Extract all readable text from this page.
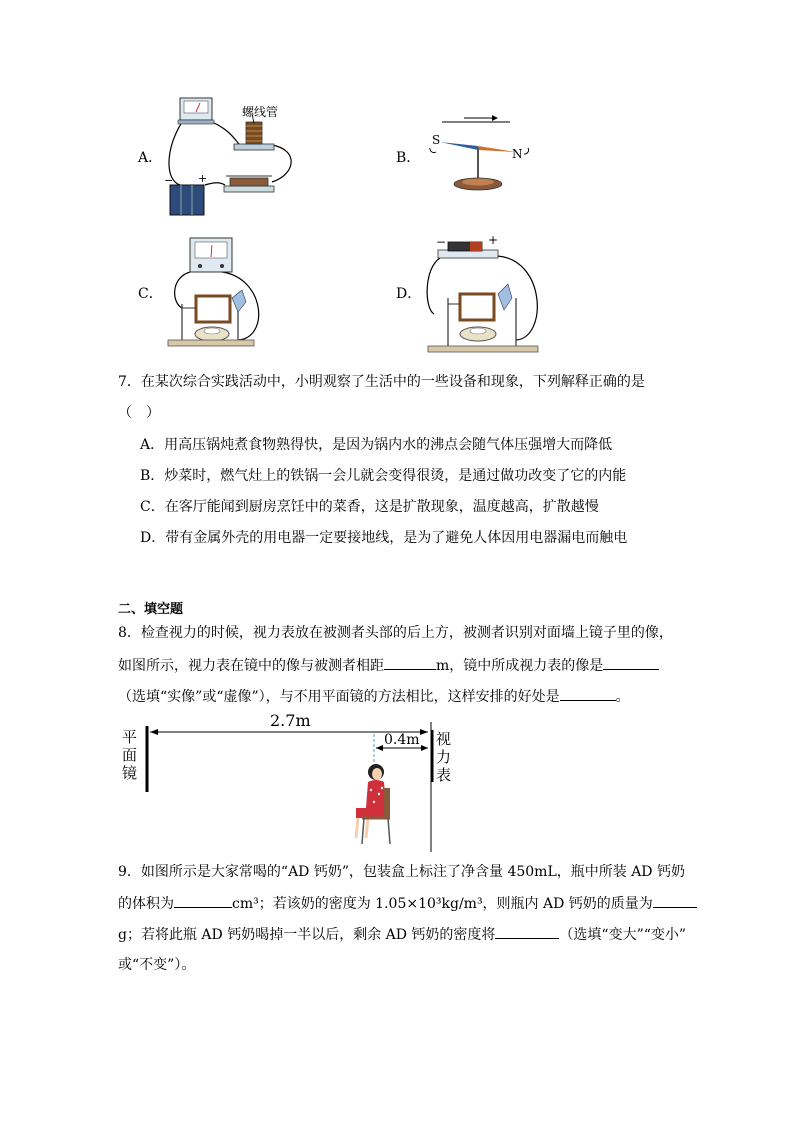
A．
螺线管
− +
B．
S
N
C．	D．
−	+
7．在某次综合实践活动中，小明观察了生活中的一些设备和现象，下列解释正确的是
（　）
A．用高压锅炖煮食物熟得快，是因为锅内水的沸点会随气体压强增大而降低
B．炒菜时，燃气灶上的铁锅一会儿就会变得很烫，是通过做功改变了它的内能
C．在客厅能闻到厨房烹饪中的菜香，这是扩散现象，温度越高，扩散越慢
D．带有金属外壳的用电器一定要接地线，是为了避免人体因用电器漏电而触电
二、填空题
8．检查视力的时候，视力表放在被测者头部的后上方，被测者识别对面墙上镜子里的像，
如图所示，视力表在镜中的像与被测者相距	m，镜中所成视力表的像是
（选填“实像”或“虚像”），与不用平面镜的方法相比，这样安排的好处是	。
平
面
镜
视
力
表
2.7m
0.4m
9．如图所示是大家常喝的“AD 钙奶”，包装盒上标注了净含量 450mL，瓶中所装 AD 钙奶
的体积为	cm³；若该奶的密度为 1.05×10³kg/m³，则瓶内 AD 钙奶的质量为
g；若将此瓶 AD 钙奶喝掉一半以后，剩余 AD 钙奶的密度将	（选填“变大”“变小”
或“不变”）。
